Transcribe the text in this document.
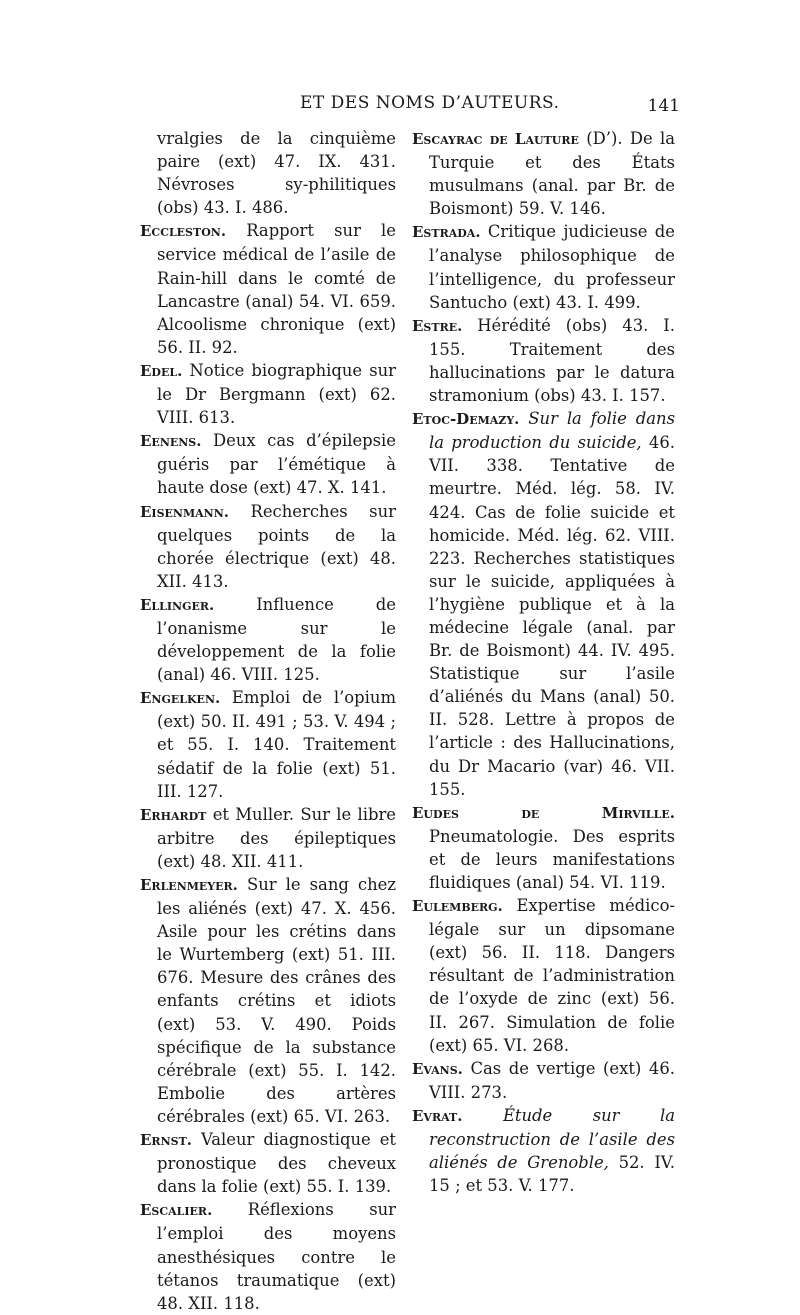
ET DES NOMS D’AUTEURS.	141

vralgies de la cinquième paire (ext) 47. IX. 431. Névroses sy-philitiques (obs) 43. I. 486.

Eccleston. Rapport sur le service médical de l’asile de Rain-hill dans le comté de Lancastre (anal) 54. VI. 659. Alcoolisme chronique (ext) 56. II. 92.

Edel. Notice biographique sur le Dr Bergmann (ext) 62. VIII. 613.

Eenens. Deux cas d’épilepsie guéris par l’émétique à haute dose (ext) 47. X. 141.

Eisenmann. Recherches sur quelques points de la chorée électrique (ext) 48. XII. 413.

Ellinger.	Influence de l’onanisme sur le développement de la folie (anal) 46. VIII. 125.

Engelken. Emploi de l’opium (ext) 50. II. 491 ; 53. V. 494 ; et 55. I. 140. Traitement sédatif de la folie (ext) 51. III. 127.

Erhardt et Muller. Sur le libre arbitre des épileptiques (ext) 48. XII. 411.

Erlenmeyer. Sur le sang chez les aliénés (ext) 47. X. 456. Asile pour les crétins dans le Wurtemberg (ext) 51. III. 676. Mesure des crânes des enfants crétins et idiots (ext) 53. V. 490. Poids spécifique de la substance cérébrale (ext) 55. I. 142. Embolie des artères cérébrales (ext) 65. VI. 263.

Ernst. Valeur diagnostique et pronostique des cheveux dans la folie (ext) 55. I. 139.

Escalier. Réflexions sur l’emploi des moyens anesthésiques contre le tétanos traumatique (ext) 48. XII. 118.

Escayrac de Lauture (D’). De la Turquie et des États musulmans (anal. par Br. de Boismont) 59. V. 146.

Estrada. Critique judicieuse de l’analyse philosophique de l’intelligence, du professeur Santucho (ext) 43. I. 499.

Estre. Hérédité (obs) 43. I. 155. Traitement des hallucinations par le datura stramonium (obs) 43. I. 157.

Etoc-Demazy. Sur la folie dans la production du suicide, 46. VII. 338. Tentative de meurtre. Méd. lég. 58. IV. 424. Cas de folie suicide et homicide. Méd. lég. 62. VIII. 223. Recherches statistiques sur le suicide, appliquées à l’hygiène publique et à la médecine légale (anal. par Br. de Boismont) 44. IV. 495. Statistique sur l’asile d’aliénés du Mans (anal) 50. II. 528. Lettre à propos de l’article : des Hallucinations, du Dr Macario (var) 46. VII. 155.

Eudes de Mirville. Pneumatologie. Des esprits et de leurs manifestations fluidiques (anal) 54. VI. 119.

Eulemberg. Expertise médico-légale sur un dipsomane (ext) 56. II. 118. Dangers résultant de l’administration de l’oxyde de zinc (ext) 56. II. 267. Simulation de folie (ext) 65. VI. 268.

Evans. Cas de vertige (ext) 46. VIII. 273.

Evrat. Étude sur la reconstruction de l’asile des aliénés de Grenoble, 52. IV. 15 ; et 53. V. 177.
